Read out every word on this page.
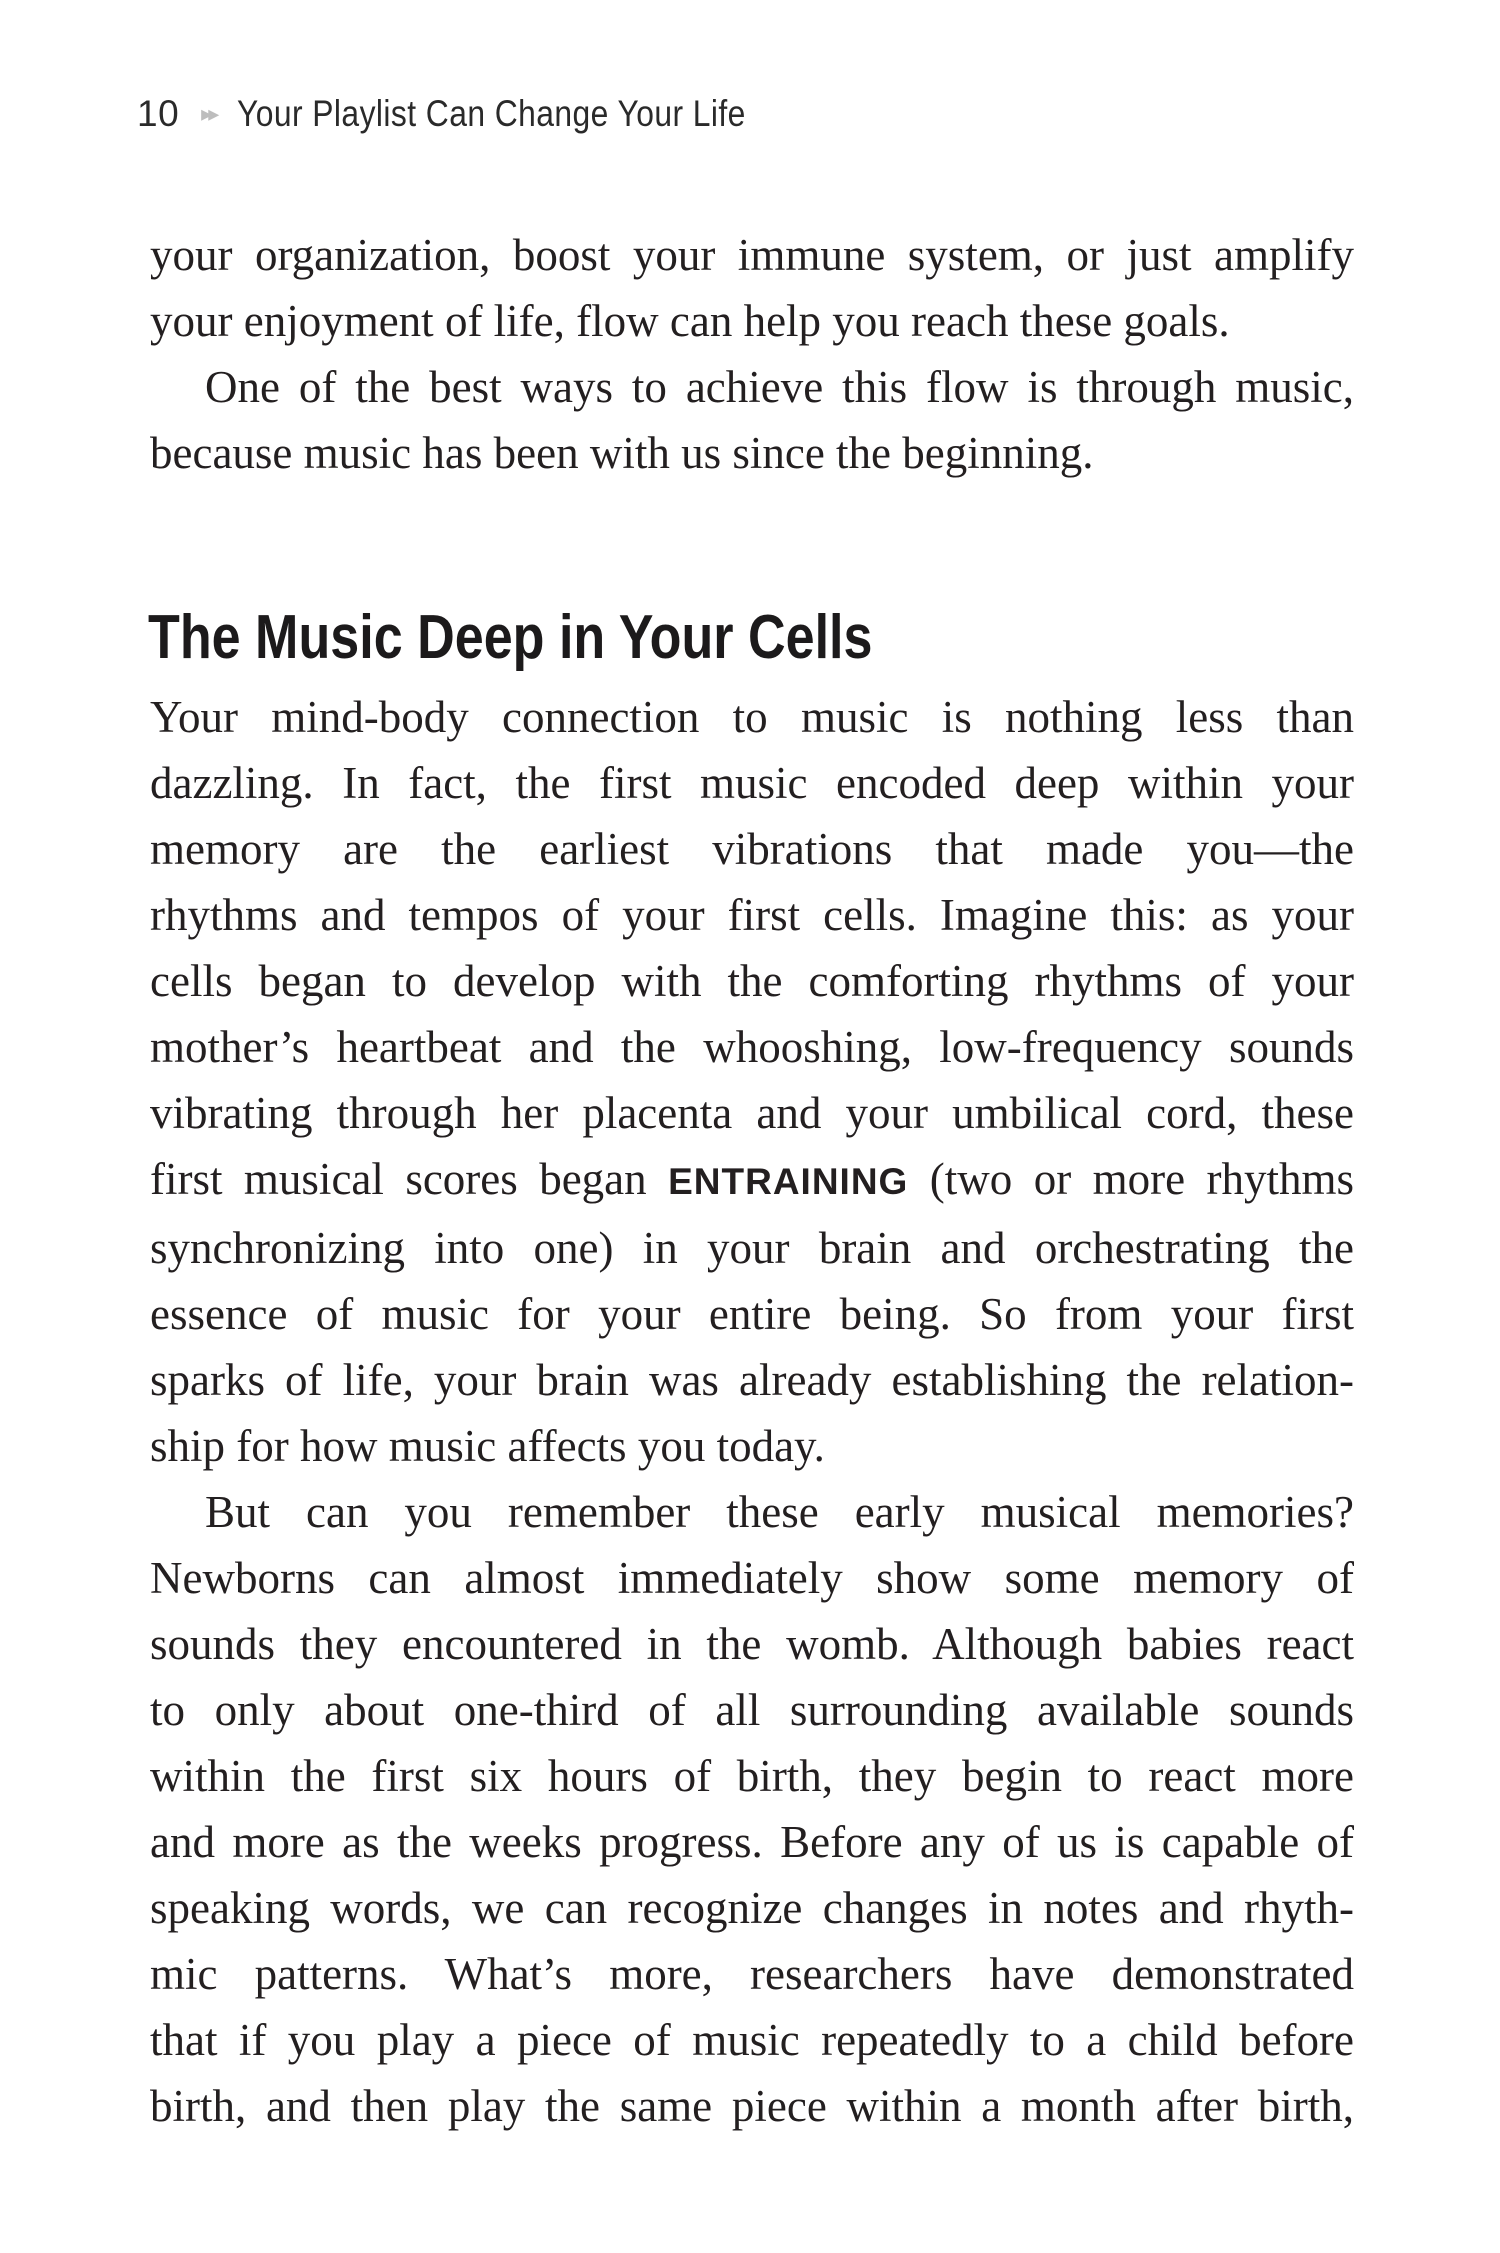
10 ▸▸ Your Playlist Can Change Your Life

your organization, boost your immune system, or just amplify
your enjoyment of life, flow can help you reach these goals.

One of the best ways to achieve this flow is through music,
because music has been with us since the beginning.

The Music Deep in Your Cells

Your mind-body connection to music is nothing less than
dazzling. In fact, the first music encoded deep within your
memory are the earliest vibrations that made you—the
rhythms and tempos of your first cells. Imagine this: as your
cells began to develop with the comforting rhythms of your
mother’s heartbeat and the whooshing, low-frequency sounds
vibrating through her placenta and your umbilical cord, these
first musical scores began ENTRAINING (two or more rhythms
synchronizing into one) in your brain and orchestrating the
essence of music for your entire being. So from your first
sparks of life, your brain was already establishing the relation-
ship for how music affects you today.

But can you remember these early musical memories?
Newborns can almost immediately show some memory of
sounds they encountered in the womb. Although babies react
to only about one-third of all surrounding available sounds
within the first six hours of birth, they begin to react more
and more as the weeks progress. Before any of us is capable of
speaking words, we can recognize changes in notes and rhyth-
mic patterns. What’s more, researchers have demonstrated
that if you play a piece of music repeatedly to a child before
birth, and then play the same piece within a month after birth,
